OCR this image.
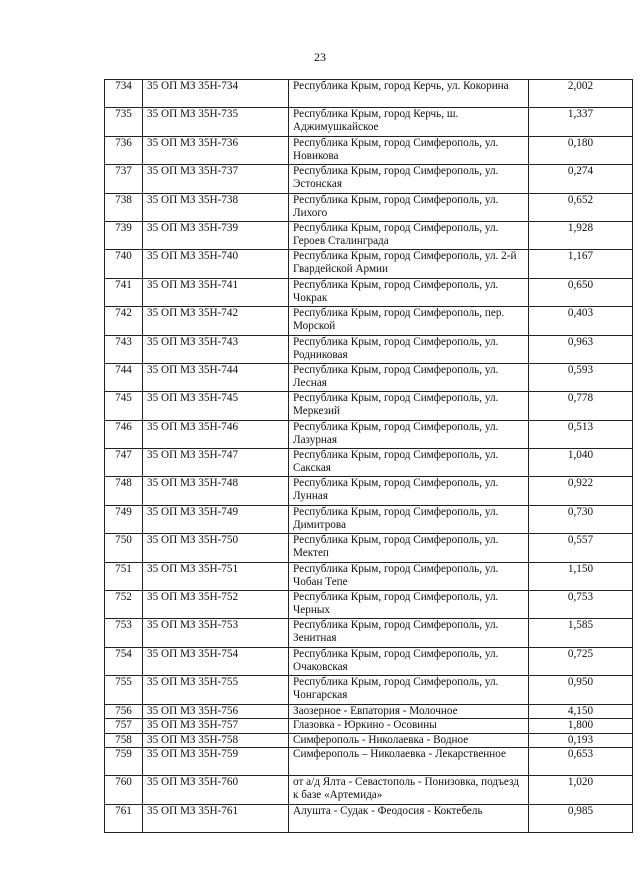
23
734	35 ОП МЗ 35Н-734	Республика Крым, город Керчь, ул. Кокорина	2,002
735	35 ОП МЗ 35Н-735	Республика Крым, город Керчь, ш. Аджимушкайское	1,337
736	35 ОП МЗ 35Н-736	Республика Крым, город Симферополь, ул. Новикова	0,180
737	35 ОП МЗ 35Н-737	Республика Крым, город Симферополь, ул. Эстонская	0,274
738	35 ОП МЗ 35Н-738	Республика Крым, город Симферополь, ул. Лихого	0,652
739	35 ОП МЗ 35Н-739	Республика Крым, город Симферополь, ул. Героев Сталинграда	1,928
740	35 ОП МЗ 35Н-740	Республика Крым, город Симферополь, ул. 2-й Гвардейской Армии	1,167
741	35 ОП МЗ 35Н-741	Республика Крым, город Симферополь, ул. Чокрак	0,650
742	35 ОП МЗ 35Н-742	Республика Крым, город Симферополь, пер. Морской	0,403
743	35 ОП МЗ 35Н-743	Республика Крым, город Симферополь, ул. Родниковая	0,963
744	35 ОП МЗ 35Н-744	Республика Крым, город Симферополь, ул. Лесная	0,593
745	35 ОП МЗ 35Н-745	Республика Крым, город Симферополь, ул. Меркезий	0,778
746	35 ОП МЗ 35Н-746	Республика Крым, город Симферополь, ул. Лазурная	0,513
747	35 ОП МЗ 35Н-747	Республика Крым, город Симферополь, ул. Сакская	1,040
748	35 ОП МЗ 35Н-748	Республика Крым, город Симферополь, ул. Лунная	0,922
749	35 ОП МЗ 35Н-749	Республика Крым, город Симферополь, ул. Димитрова	0,730
750	35 ОП МЗ 35Н-750	Республика Крым, город Симферополь, ул. Мектеп	0,557
751	35 ОП МЗ 35Н-751	Республика Крым, город Симферополь, ул. Чобан Тепе	1,150
752	35 ОП МЗ 35Н-752	Республика Крым, город Симферополь, ул. Черных	0,753
753	35 ОП МЗ 35Н-753	Республика Крым, город Симферополь, ул. Зенитная	1,585
754	35 ОП МЗ 35Н-754	Республика Крым, город Симферополь, ул. Очаковская	0,725
755	35 ОП МЗ 35Н-755	Республика Крым, город Симферополь, ул. Чонгарская	0,950
756	35 ОП МЗ 35Н-756	Заозерное - Евпатория - Молочное	4,150
757	35 ОП МЗ 35Н-757	Глазовка - Юркино - Осовины	1,800
758	35 ОП МЗ 35Н-758	Симферополь - Николаевка - Водное	0,193
759	35 ОП МЗ 35Н-759	Симферополь – Николаевка - Лекарственное	0,653
760	35 ОП МЗ 35Н-760	от а/д Ялта - Севастополь - Понизовка, подъезд к базе «Артемида»	1,020
761	35 ОП МЗ 35Н-761	Алушта - Судак - Феодосия - Коктебель	0,985
